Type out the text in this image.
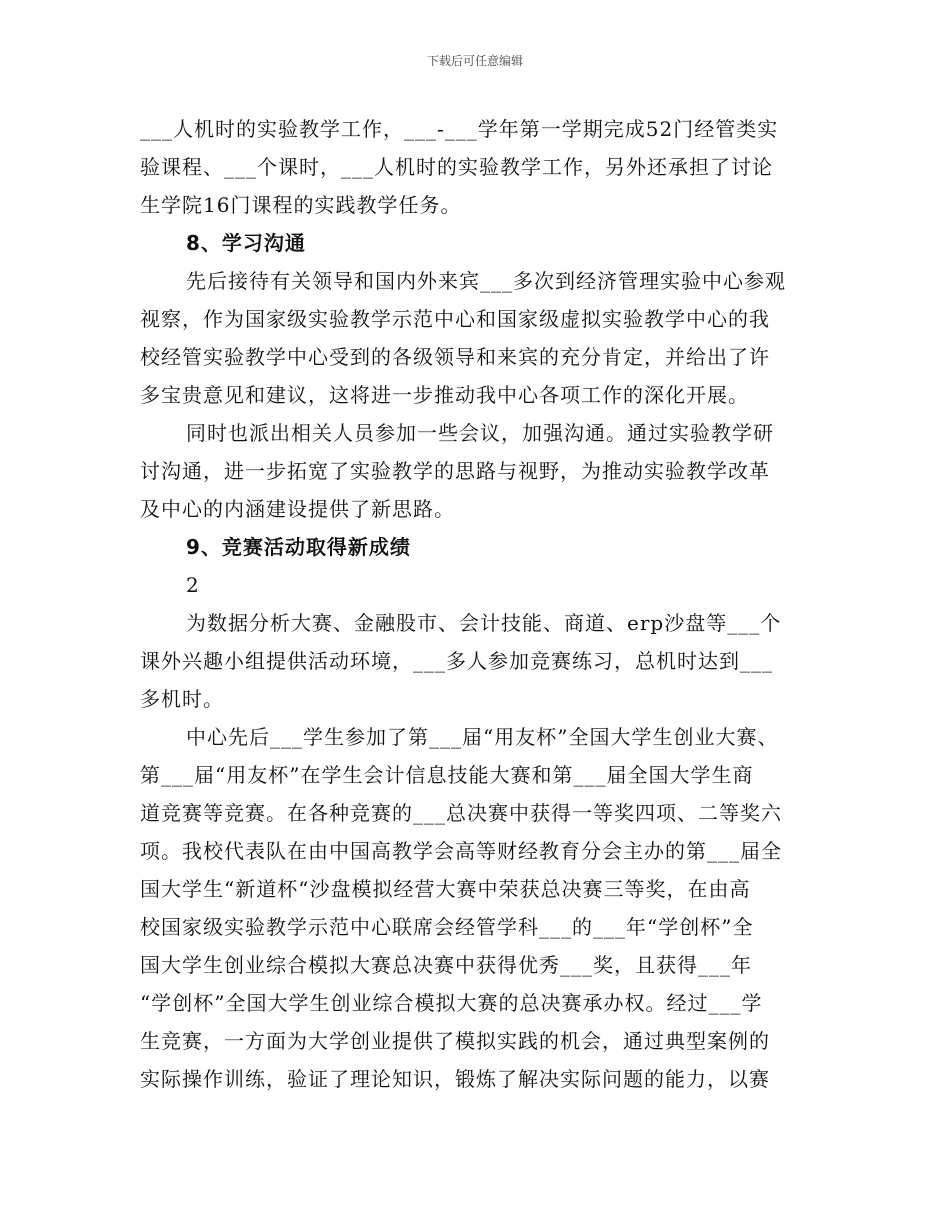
下载后可任意编辑
___人机时的实验教学工作，___-___学年第一学期完成52门经管类实
验课程、___个课时，___人机时的实验教学工作，另外还承担了讨论
生学院16门课程的实践教学任务。
8、学习沟通
先后接待有关领导和国内外来宾___多次到经济管理实验中心参观
视察，作为国家级实验教学示范中心和国家级虚拟实验教学中心的我
校经管实验教学中心受到的各级领导和来宾的充分肯定，并给出了许
多宝贵意见和建议，这将进一步推动我中心各项工作的深化开展。
同时也派出相关人员参加一些会议，加强沟通。通过实验教学研
讨沟通，进一步拓宽了实验教学的思路与视野，为推动实验教学改革
及中心的内涵建设提供了新思路。
9、竞赛活动取得新成绩
2
为数据分析大赛、金融股市、会计技能、商道、erp沙盘等___个
课外兴趣小组提供活动环境，___多人参加竞赛练习，总机时达到___
多机时。
中心先后___学生参加了第___届“用友杯”全国大学生创业大赛、
第___届“用友杯”在学生会计信息技能大赛和第___届全国大学生商
道竞赛等竞赛。在各种竞赛的___总决赛中获得一等奖四项、二等奖六
项。我校代表队在由中国高教学会高等财经教育分会主办的第___届全
国大学生“新道杯“沙盘模拟经营大赛中荣获总决赛三等奖，在由高
校国家级实验教学示范中心联席会经管学科___的___年“学创杯”全
国大学生创业综合模拟大赛总决赛中获得优秀___奖，且获得___年
“学创杯”全国大学生创业综合模拟大赛的总决赛承办权。经过___学
生竞赛，一方面为大学创业提供了模拟实践的机会，通过典型案例的
实际操作训练，验证了理论知识，锻炼了解决实际问题的能力，以赛
